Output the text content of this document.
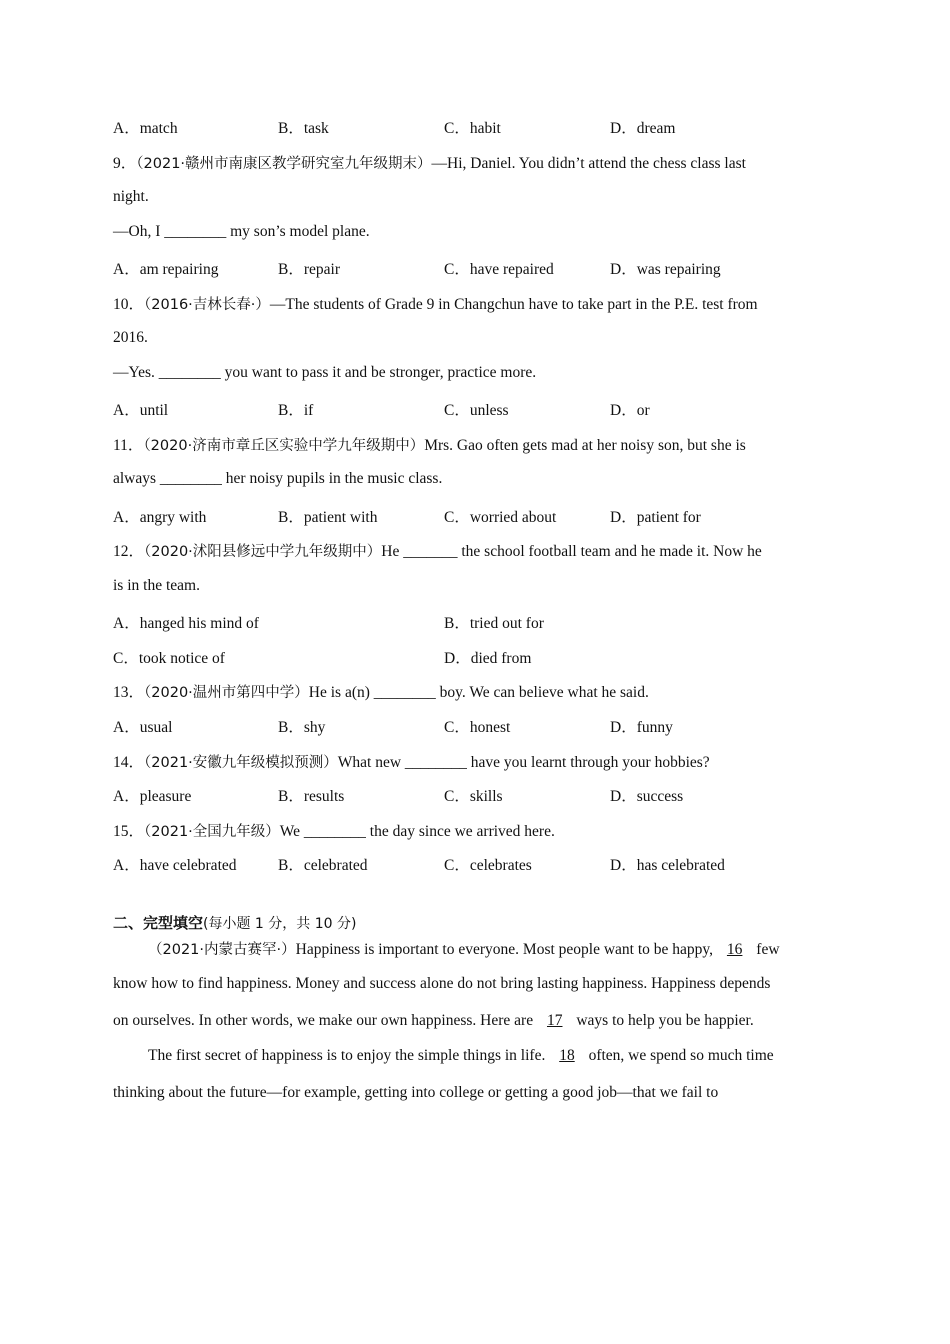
A．match	B．task	C．habit	D．dream
9．（2021·赣州市南康区教学研究室九年级期末）—Hi, Daniel. You didn’t attend the chess class last
night.
—Oh, I ________ my son’s model plane.
A．am repairing	B．repair	C．have repaired	D．was repairing
10．（2016·吉林长春·）—The students of Grade 9 in Changchun have to take part in the P.E. test from
2016.
—Yes. ________ you want to pass it and be stronger, practice more.
A．until	B．if	C．unless	D．or
11．（2020·济南市章丘区实验中学九年级期中）Mrs. Gao often gets mad at her noisy son, but she is
always ________ her noisy pupils in the music class.
A．angry with	B．patient with	C．worried about	D．patient for
12．（2020·沭阳县修远中学九年级期中）He _______ the school football team and he made it. Now he
is in the team.
A．hanged his mind of	B．tried out for
C．took notice of	D．died from
13．（2020·温州市第四中学）He is a(n) ________ boy. We can believe what he said.
A．usual	B．shy	C．honest	D．funny
14．（2021·安徽九年级模拟预测）What new ________ have you learnt through your hobbies?
A．pleasure	B．results	C．skills	D．success
15．（2021·全国九年级）We ________ the day since we arrived here.
A．have celebrated	B．celebrated	C．celebrates	D．has celebrated
二、完型填空(每小题 1 分，共 10 分)
（2021·内蒙古赛罕·）Happiness is important to everyone. Most people want to be happy, 16 few
know how to find happiness. Money and success alone do not bring lasting happiness. Happiness depends
on ourselves. In other words, we make our own happiness. Here are 17 ways to help you be happier.
The first secret of happiness is to enjoy the simple things in life. 18 often, we spend so much time
thinking about the future—for example, getting into college or getting a good job—that we fail to
